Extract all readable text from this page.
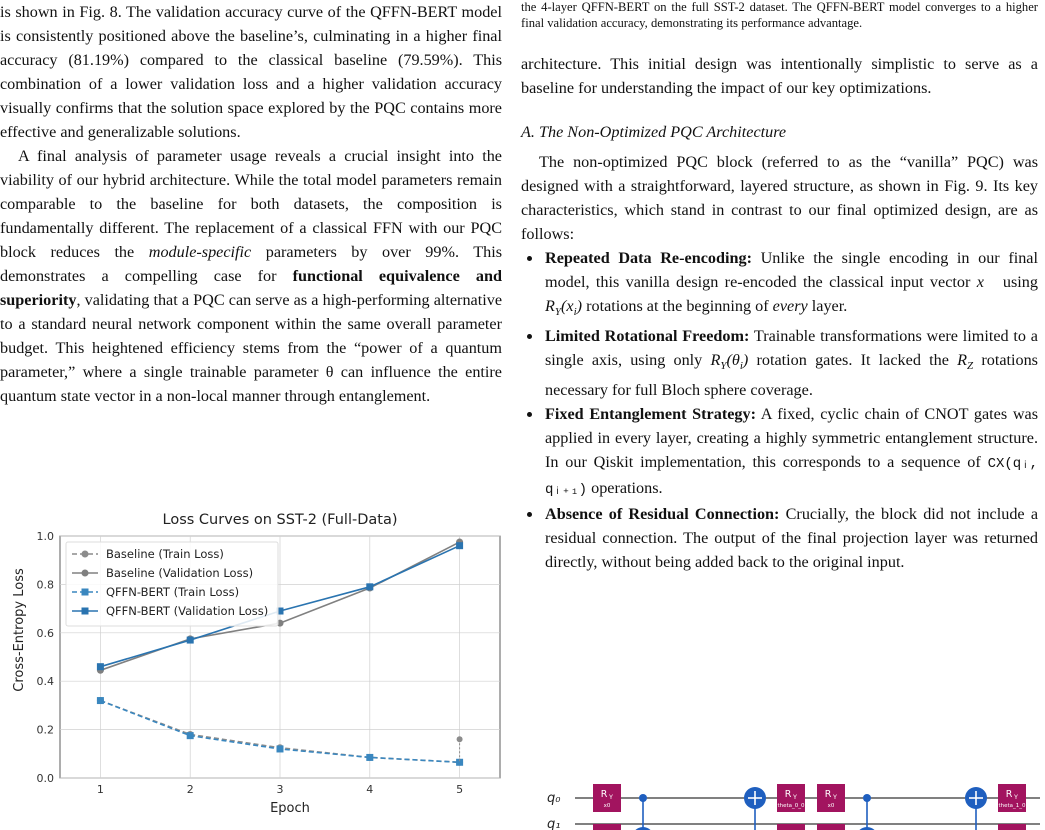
is shown in Fig. 8. The validation accuracy curve of the QFFN-BERT model is consistently positioned above the baseline’s, culminating in a higher final accuracy (81.19%) compared to the classical baseline (79.59%). This combination of a lower validation loss and a higher validation accuracy visually confirms that the solution space explored by the PQC contains more effective and generalizable solutions.

A final analysis of parameter usage reveals a crucial insight into the viability of our hybrid architecture. While the total model parameters remain comparable to the baseline for both datasets, the composition is fundamentally different. The replacement of a classical FFN with our PQC block reduces the module-specific parameters by over 99%. This demonstrates a compelling case for functional equivalence and superiority, validating that a PQC can serve as a high-performing alternative to a standard neural network component within the same overall parameter budget. This heightened efficiency stems from the “power of a quantum parameter,” where a single trainable parameter θ can influence the entire quantum state vector in a non-local manner through entanglement.

Loss Curves on SST-2 (Full-Data)
0.0
0.2
0.4
0.6
0.8
1.0
1	2	3	4	5
Epoch
Cross-Entropy Loss
Baseline (Train Loss)
Baseline (Validation Loss)
QFFN-BERT (Train Loss)
QFFN-BERT (Validation Loss)

the 4-layer QFFN-BERT on the full SST-2 dataset. The QFFN-BERT model converges to a higher final validation accuracy, demonstrating its performance advantage.

architecture. This initial design was intentionally simplistic to serve as a baseline for understanding the impact of our key optimizations.

A. The Non-Optimized PQC Architecture

The non-optimized PQC block (referred to as the “vanilla” PQC) was designed with a straightforward, layered structure, as shown in Fig. 9. Its key characteristics, which stand in contrast to our final optimized design, are as follows:

• Repeated Data Re-encoding: Unlike the single encoding in our final model, this vanilla design re-encoded the classical input vector x⃗ using $R_Y(x_i)$ rotations at the beginning of every layer.
• Limited Rotational Freedom: Trainable transformations were limited to a single axis, using only $R_Y(\theta_i)$ rotation gates. It lacked the $R_Z$ rotations necessary for full Bloch sphere coverage.
• Fixed Entanglement Strategy: A fixed, cyclic chain of CNOT gates was applied in every layer, creating a highly symmetric entanglement structure. In our Qiskit implementation, this corresponds to a sequence of CX(qᵢ, qᵢ₊₁) operations.
• Absence of Residual Connection: Crucially, the block did not include a residual connection. The output of the final projection layer was returned directly, without being added back to the original input.
q₀
q₁
R Y
x0
R Y
theta_0_0
R Y
x0
R Y
theta_1_0
